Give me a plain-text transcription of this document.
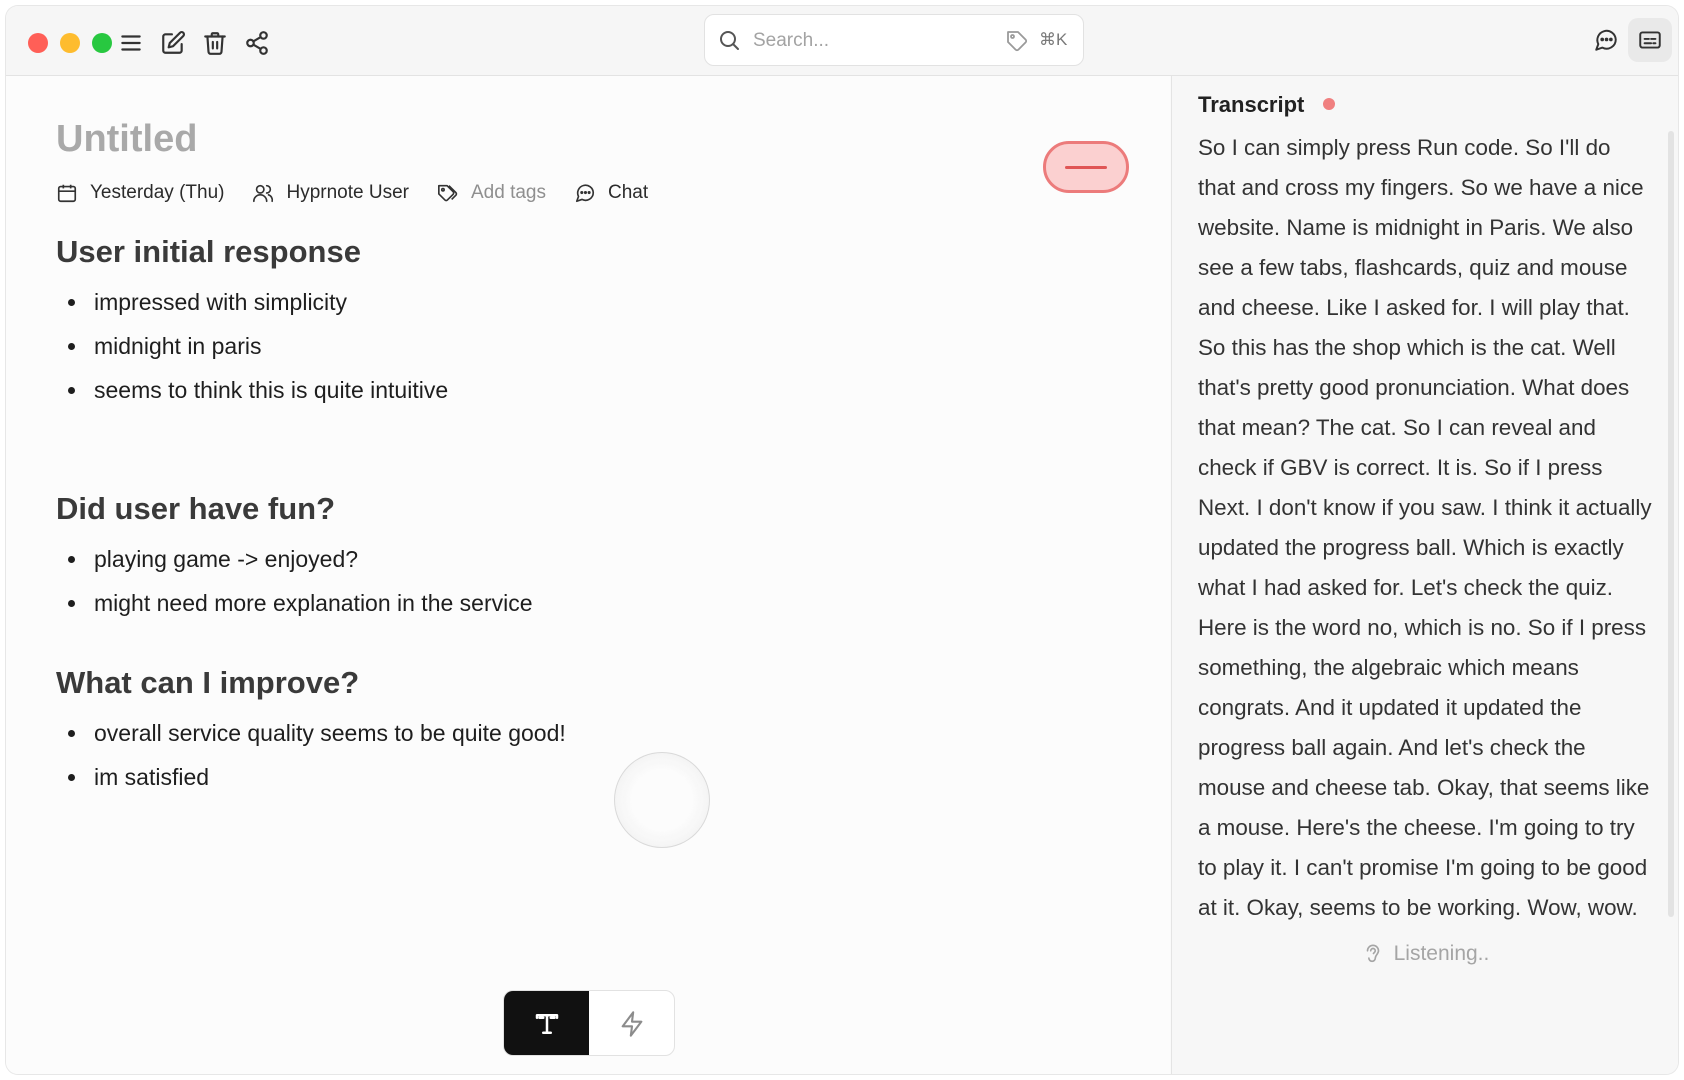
Search...	⌘K
Untitled
Yesterday (Thu)	Hyprnote User	Add tags	Chat
User initial response
impressed with simplicity
midnight in paris
seems to think this is quite intuitive
Did user have fun?
playing game -> enjoyed?
might need more explanation in the service
What can I improve?
overall service quality seems to be quite good!
im satisfied
Transcript
So I can simply press Run code. So I'll do that and cross my fingers. So we have a nice website. Name is midnight in Paris. We also see a few tabs, flashcards, quiz and mouse and cheese. Like I asked for. I will play that. So this has the shop which is the cat. Well that's pretty good pronunciation. What does that mean? The cat. So I can reveal and check if GBV is correct. It is. So if I press Next. I don't know if you saw. I think it actually updated the progress ball. Which is exactly what I had asked for. Let's check the quiz. Here is the word no, which is no. So if I press something, the algebraic which means congrats. And it updated it updated the progress ball again. And let's check the mouse and cheese tab. Okay, that seems like a mouse. Here's the cheese. I'm going to try to play it. I can't promise I'm going to be good at it. Okay, seems to be working. Wow, wow.
Listening..
